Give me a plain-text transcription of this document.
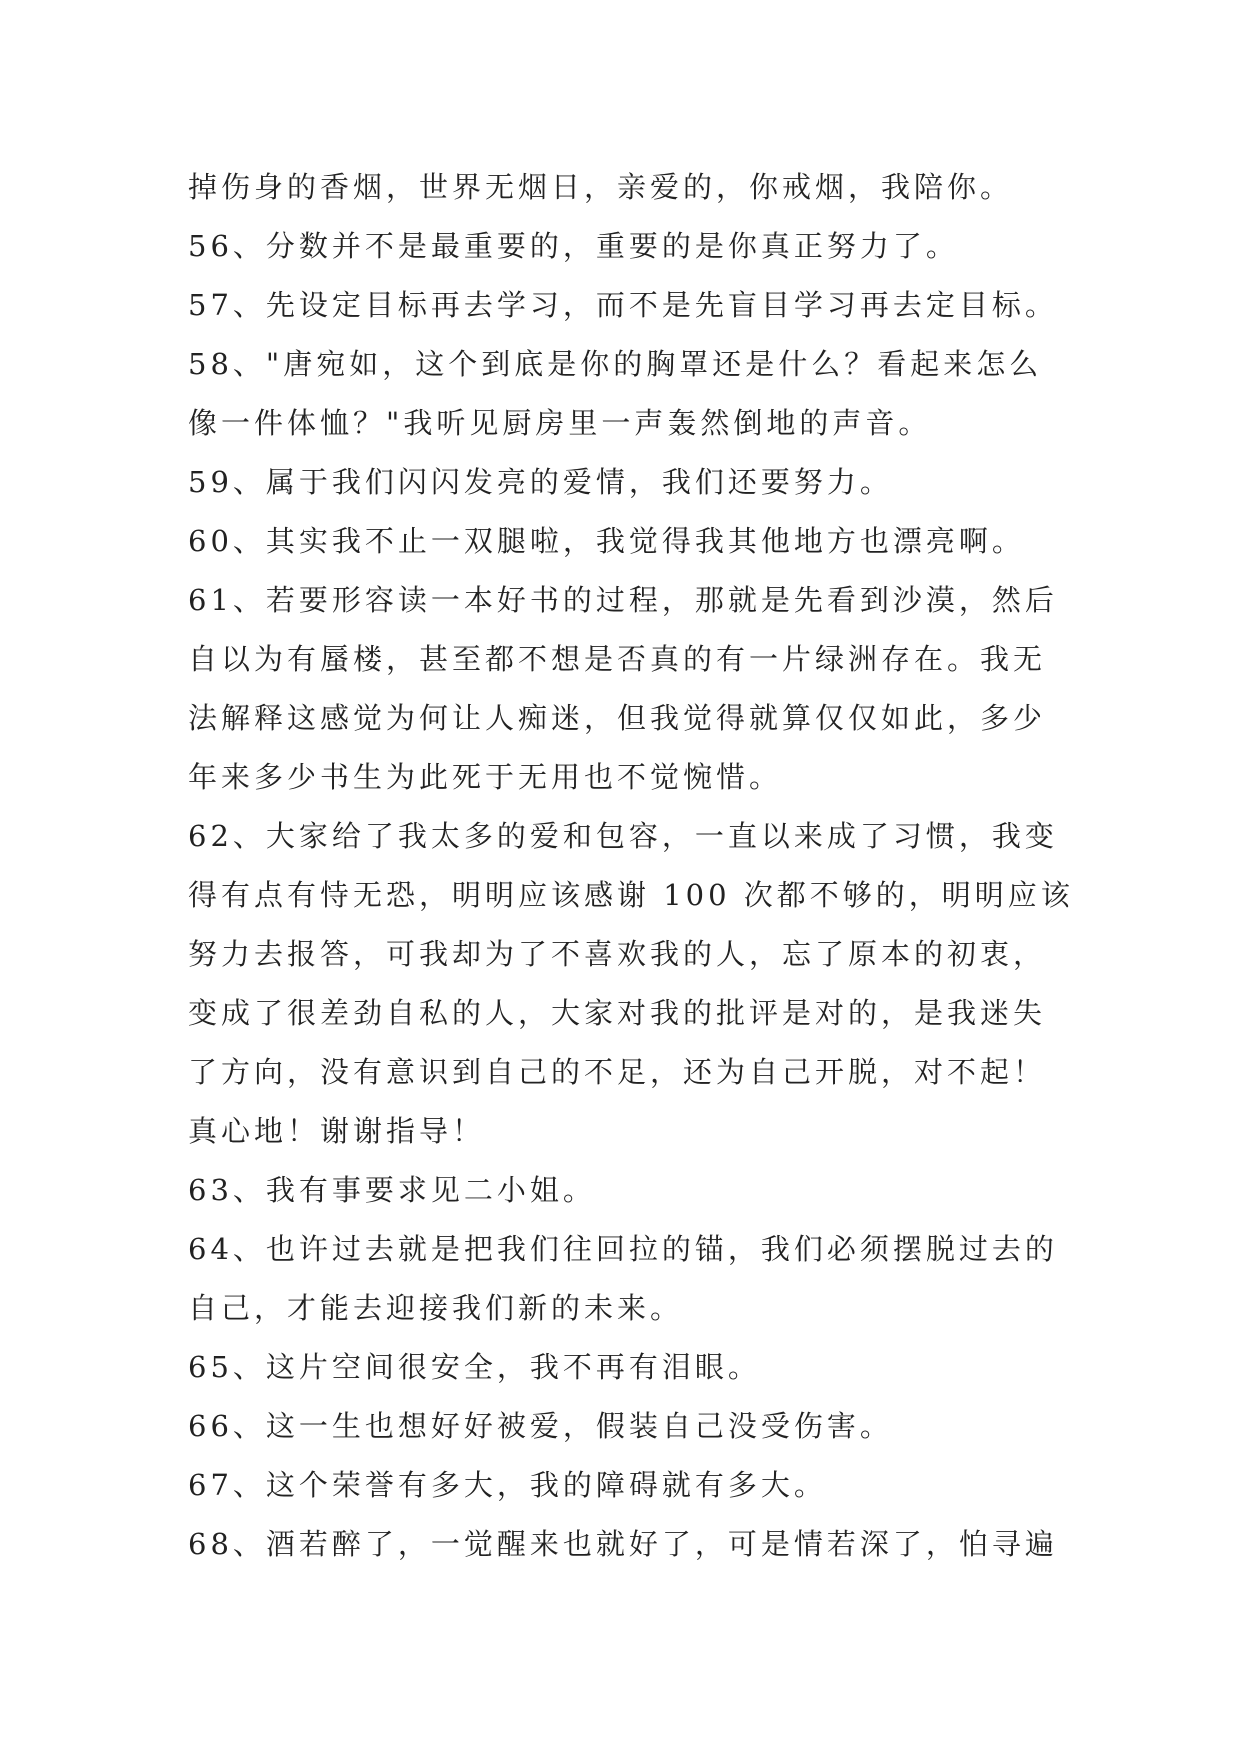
掉伤身的香烟，世界无烟日，亲爱的，你戒烟，我陪你。
56、分数并不是最重要的，重要的是你真正努力了。
57、先设定目标再去学习，而不是先盲目学习再去定目标。
58、"唐宛如，这个到底是你的胸罩还是什么？看起来怎么
像一件体恤？"我听见厨房里一声轰然倒地的声音。
59、属于我们闪闪发亮的爱情，我们还要努力。
60、其实我不止一双腿啦，我觉得我其他地方也漂亮啊。
61、若要形容读一本好书的过程，那就是先看到沙漠，然后
自以为有蜃楼，甚至都不想是否真的有一片绿洲存在。我无
法解释这感觉为何让人痴迷，但我觉得就算仅仅如此，多少
年来多少书生为此死于无用也不觉惋惜。
62、大家给了我太多的爱和包容，一直以来成了习惯，我变
得有点有恃无恐，明明应该感谢 100 次都不够的，明明应该
努力去报答，可我却为了不喜欢我的人，忘了原本的初衷，
变成了很差劲自私的人，大家对我的批评是对的，是我迷失
了方向，没有意识到自己的不足，还为自己开脱，对不起！
真心地！谢谢指导！
63、我有事要求见二小姐。
64、也许过去就是把我们往回拉的锚，我们必须摆脱过去的
自己，才能去迎接我们新的未来。
65、这片空间很安全，我不再有泪眼。
66、这一生也想好好被爱，假装自己没受伤害。
67、这个荣誉有多大，我的障碍就有多大。
68、酒若醉了，一觉醒来也就好了，可是情若深了，怕寻遍
